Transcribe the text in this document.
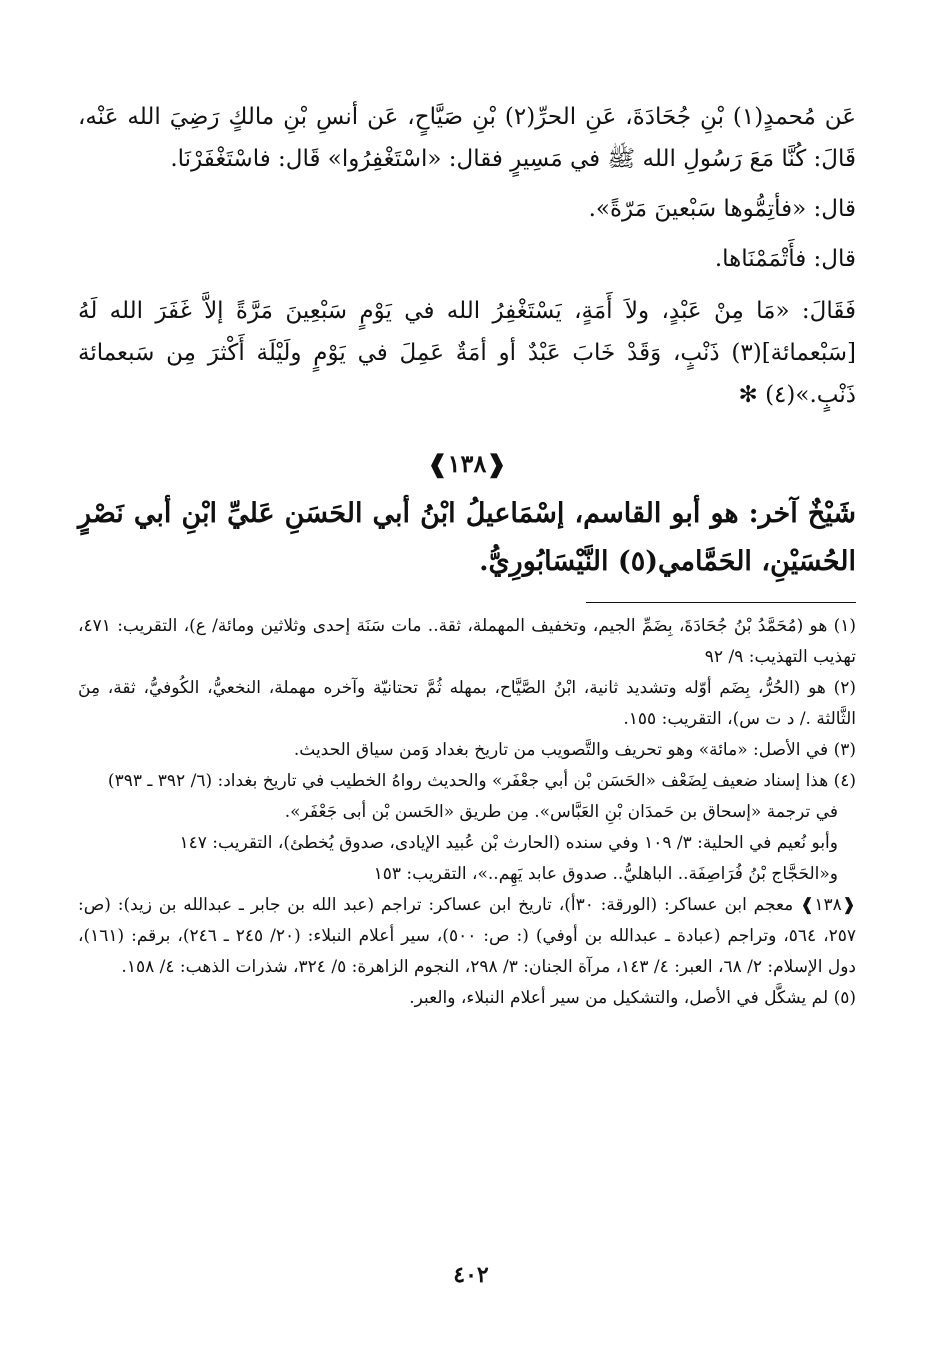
عَن مُحمدٍ(١) بْنِ جُحَادَةَ، عَنِ الحرِّ(٢) بْنِ صَيَّاحٍ، عَن أنسِ بْنِ مالكٍ رَضِيَ الله عَنْه، قَالَ: كُنَّا مَعَ رَسُولِ الله ﷺ في مَسِيرٍ فقال: «اسْتَغْفِرُوا» قَال: فاسْتَغْفَرْنَا.

قال: «فأتِمُّوها سَبْعينَ مَرّةً».

قال: فأَتْمَمْنَاها.

فَقَالَ: «مَا مِنْ عَبْدٍ، ولاَ أَمَةٍ، يَسْتَغْفِرُ الله في يَوْمٍ سَبْعِينَ مَرَّةً إلاَّ غَفَرَ الله لَهُ [سَبْعمائة](٣) ذَنْبٍ، وَقَدْ خَابَ عَبْدٌ أو أمَةٌ عَمِلَ في يَوْمٍ ولَيْلَة أَكْثرَ مِن سَبعمائة ذَنْبٍ.»(٤) ✻

❰١٣٨❱
شَيْخٌ آخر: هو أبو القاسم، إسْمَاعيلُ ابْنُ أبي الحَسَنِ عَليِّ ابْنِ أبي نَصْرٍ الحُسَيْنِ، الحَمَّامي(٥) النَّيْسَابُورِيُّ.

(١) هو (مُحَمَّدُ بْنُ جُحَادَةَ، بِضَمِّ الجيم، وتخفيف المهملة، ثقة.. مات سَنَة إحدى وثلاثين ومائة/ ع)، التقريب: ٤٧١، تهذيب التهذيب: ٩/ ٩٢

(٢) هو (الحُرُّ، بِضَم أوّله وتشديد ثانية، ابْنُ الصَّيَّاح، بمهله ثُمَّ تحتانيّة وآخره مهملة، النخعيُّ، الكُوفيُّ، ثقة، مِنَ الثَّالثة ./ د ت س)، التقريب: ١٥٥.

(٣) في الأصل: «مائة» وهو تحريف والتَّصويب من تاريخ بغداد وَمن سياق الحديث.

(٤) هذا إسناد ضعيف لِضَعْف «الحَسَن بْن أبي جعْفَر» والحديث رواهُ الخطيب في تاريخ بغداد: (٦/ ٣٩٢ ـ ٣٩٣)

في ترجمة «إسحاق بن حَمدَان بْنِ العَبَّاس». مِن طريق «الحَسن بْن أبى جَعْفَر».

وأبو نُعيم في الحلية: ٣/ ١٠٩ وفي سنده (الحارث بْن عُبيد الإيادى، صدوق يُخطئ)، التقريب: ١٤٧

و«الحَجَّاج بْنُ فُرَاصِفَة.. الباهليُّ.. صدوق عابد يَهِم..»، التقريب: ١٥٣

❰١٣٨❱ معجم ابن عساكر: (الورقة: ٣٠أ)، تاريخ ابن عساكر: تراجم (عبد الله بن جابر ـ عبدالله بن زيد): (ص: ٢٥٧، ٥٦٤، وتراجم (عبادة ـ عبدالله بن أوفي) (: ص: ٥٠٠)، سير أعلام النبلاء: (٢٠/ ٢٤٥ ـ ٢٤٦)، برقم: (١٦١)، دول الإسلام: ٢/ ٦٨، العبر: ٤/ ١٤٣، مرآة الجنان: ٣/ ٢٩٨، النجوم الزاهرة: ٥/ ٣٢٤، شذرات الذهب: ٤/ ١٥٨.

(٥) لم يشكَّل في الأصل، والتشكيل من سير أعلام النبلاء، والعبر.

٤٠٢
